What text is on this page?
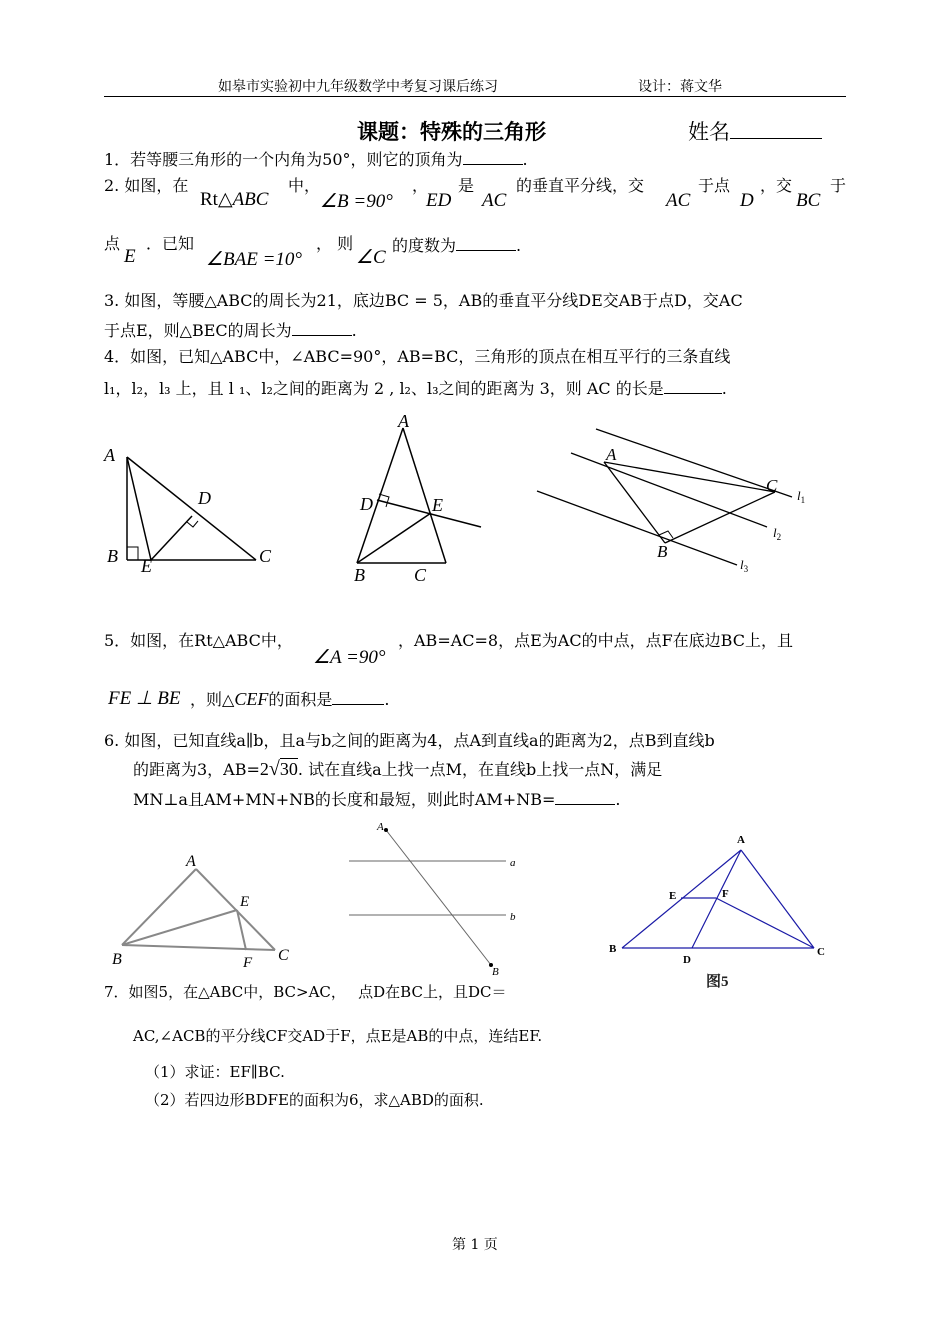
如皋市实验初中九年级数学中考复习课后练习	设计：蒋文华
课题：特殊的三角形	姓名
1．若等腰三角形的一个内角为50°，则它的顶角为	.
2. 如图，在
Rt△ABC
中，
∠B =90°
， 是
ED AC
的垂直平分线，交
AC
于点
D
，交
BC
于
点
E
．已知
∠BAE =10°
， 则
∠C
的度数为	.
3. 如图，等腰△ABC的周长为21，底边BC = 5，AB的垂直平分线DE交AB于点D，交AC
于点E，则△BEC的周长为	.
4．如图，已知△ABC中，∠ABC=90°，AB=BC，三角形的顶点在相互平行的三条直线
l₁，l₂，l₃ 上，且 l ₁、l₂之间的距离为 2 , l₂、l₃之间的距离为 3，则 AC 的长是	.
A
B	C
D
E
A
B	C
D	E
A
B
C
$l_1$
$l_2$
$l_3$
5．如图，在Rt△ABC中，
∠A =90°
，AB=AC=8，点E为AC的中点，点F在底边BC上，且
FE ⊥ BE ，则△CEF的面积是	.
6. 如图，已知直线a∥b，且a与b之间的距离为4，点A到直线a的距离为2，点B到直线b
的距离为3，AB=2√30. 试在直线a上找一点M，在直线b上找一点N，满足
MN⊥a且AM+MN+NB的长度和最短，则此时AM+NB=	.
A
B	C
E
F
A
B
a
b
A
B	C
D
E	F
图5
7．如图5，在△ABC中，BC>AC，　 点D在BC上，且DC＝
AC,∠ACB的平分线CF交AD于F，点E是AB的中点，连结EF.
（1）求证：EF∥BC.
（2）若四边形BDFE的面积为6，求△ABD的面积.
第 1 页
